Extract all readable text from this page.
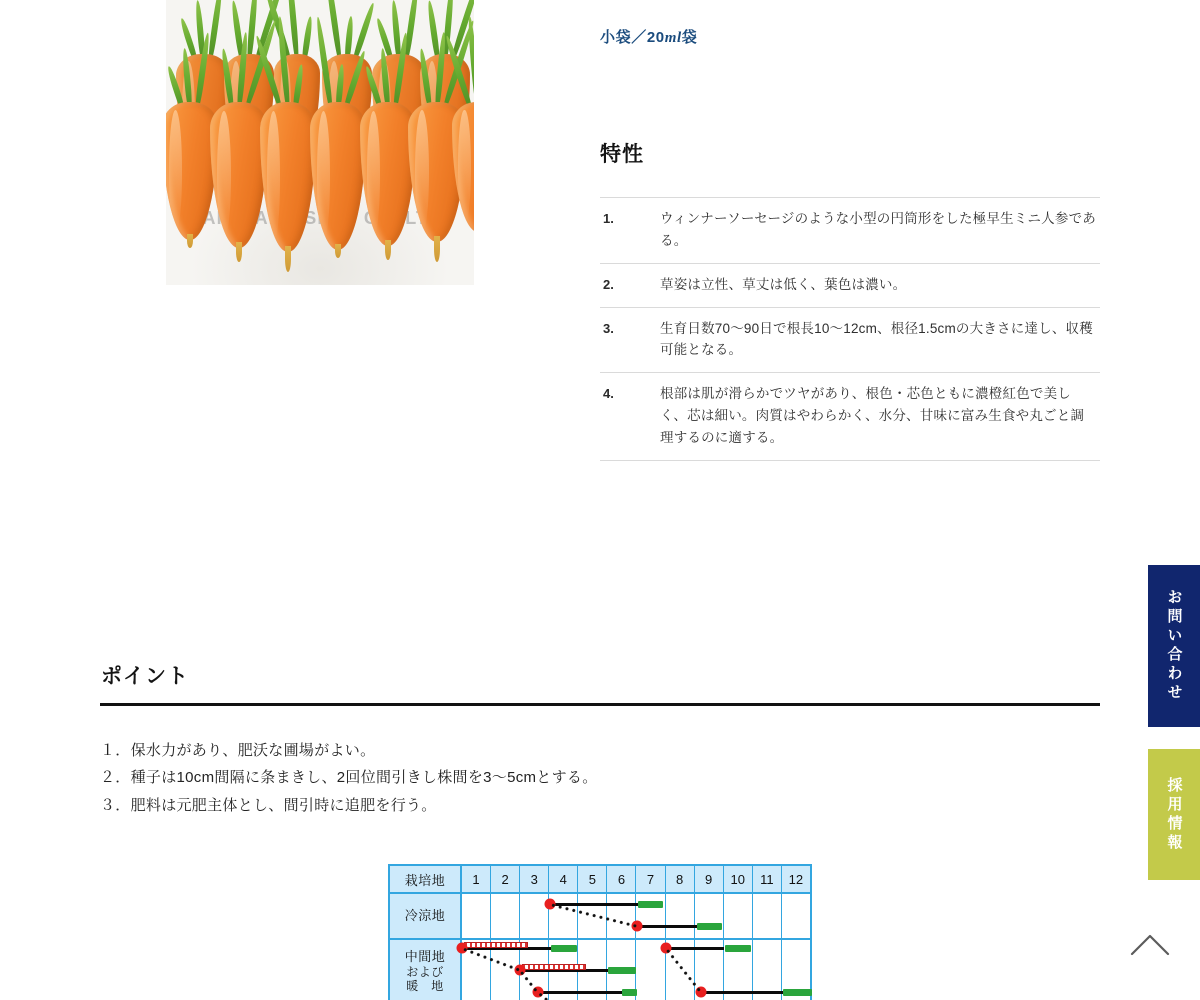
小袋／20ml袋
特性
1.	ウィンナーソーセージのような小型の円筒形をした極早生ミニ人参である。
2.	草姿は立性、草丈は低く、葉色は濃い。
3.	生育日数70〜90日で根長10〜12cm、根径1.5cmの大きさに達し、収穫可能となる。
4.	根部は肌が滑らかでツヤがあり、根色・芯色ともに濃橙紅色で美しく、芯は細い。肉質はやわらかく、水分、甘味に富み生食や丸ごと調理するのに適する。
ポイント
１．保水力があり、肥沃な圃場がよい。
２．種子は10cm間隔に条まきし、2回位間引きし株間を3〜5cmとする。
３．肥料は元肥主体とし、間引時に追肥を行う。
栽培地	1	2	3	4	5	6	7	8	9	10	11	12
冷涼地
中間地
および
暖　地
お問い合わせ
採用情報
